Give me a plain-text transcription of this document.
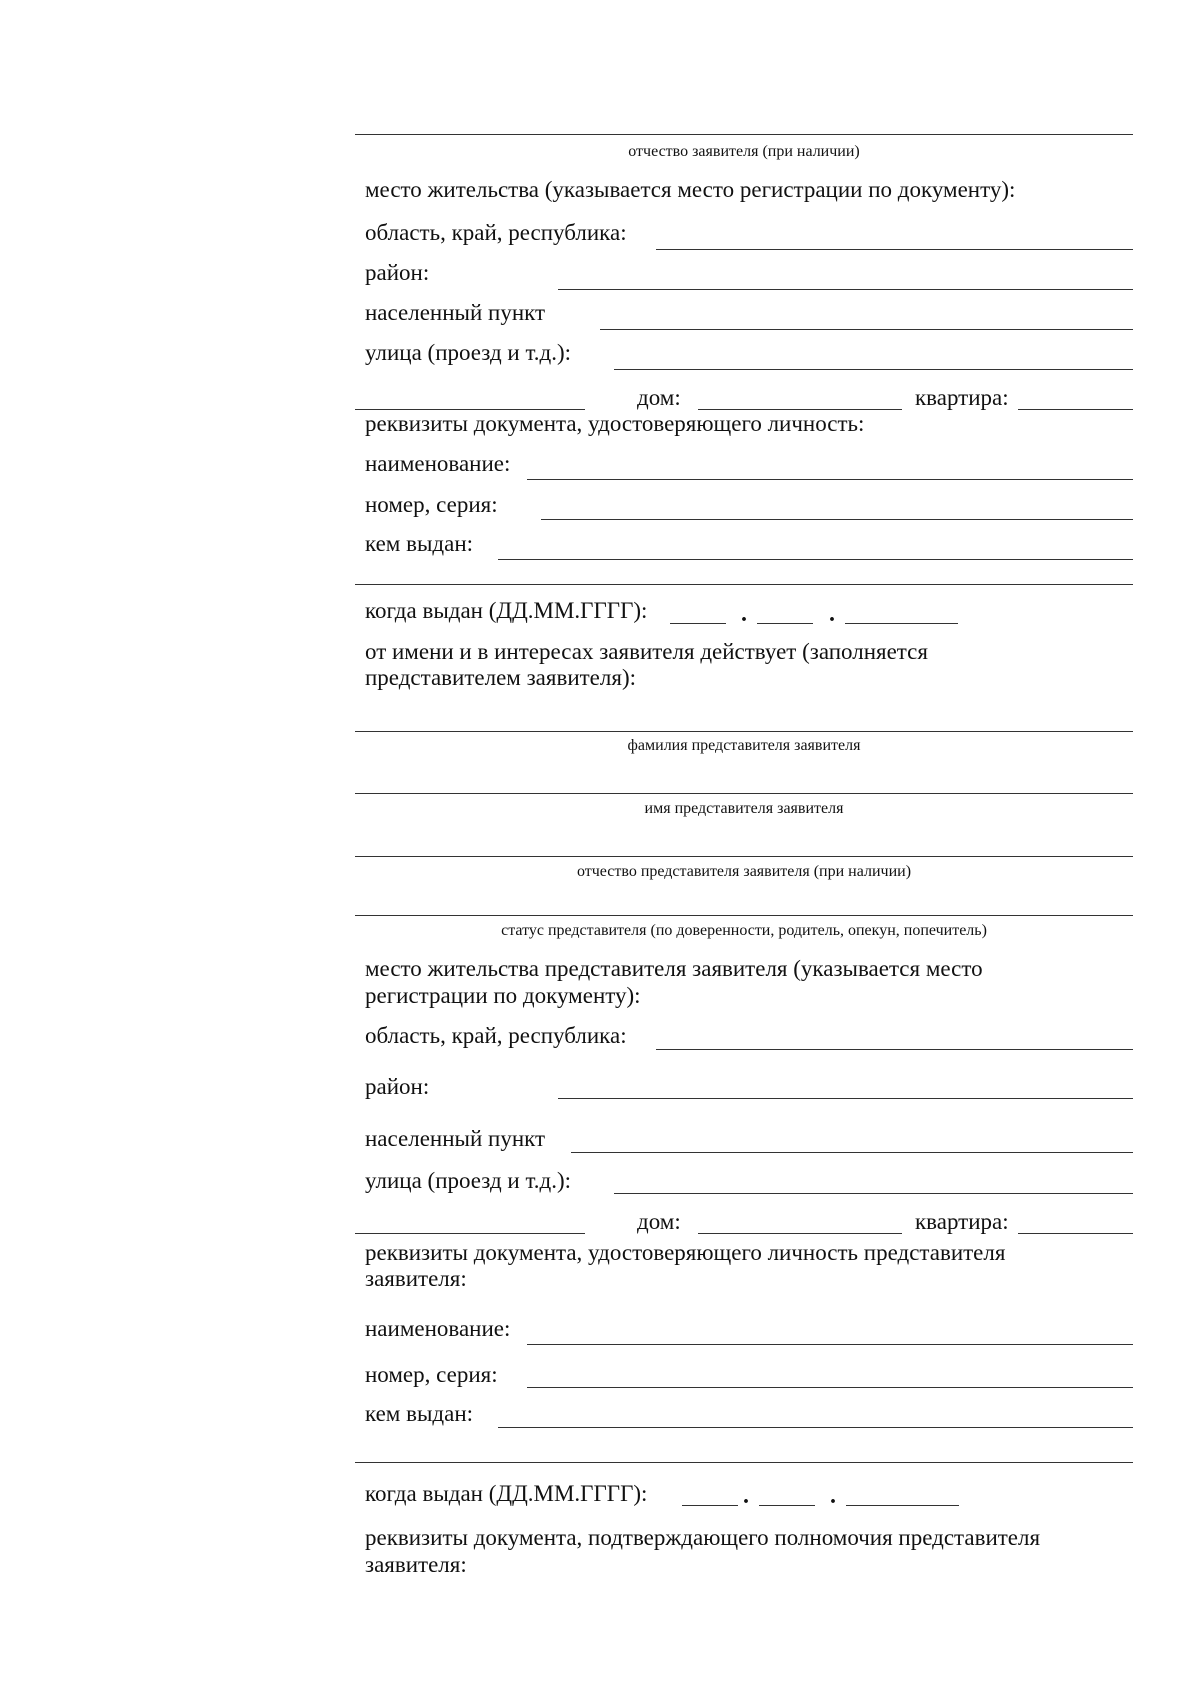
отчество заявителя (при наличии)
место жительства (указывается место регистрации по документу):
область, край, республика:
район:
населенный пункт
улица (проезд и т.д.):
дом:	квартира:
реквизиты документа, удостоверяющего личность:
наименование:
номер, серия:
кем выдан:
когда выдан (ДД.ММ.ГГГГ):	.	.
от имени и в интересах заявителя действует (заполняется
представителем заявителя):
фамилия представителя заявителя
имя представителя заявителя
отчество представителя заявителя (при наличии)
статус представителя (по доверенности, родитель, опекун, попечитель)
место жительства представителя заявителя (указывается место
регистрации по документу):
область, край, республика:
район:
населенный пункт
улица (проезд и т.д.):
дом:	квартира:
реквизиты документа, удостоверяющего личность представителя
заявителя:
наименование:
номер, серия:
кем выдан:
когда выдан (ДД.ММ.ГГГГ):	.	.
реквизиты документа, подтверждающего полномочия представителя
заявителя:
